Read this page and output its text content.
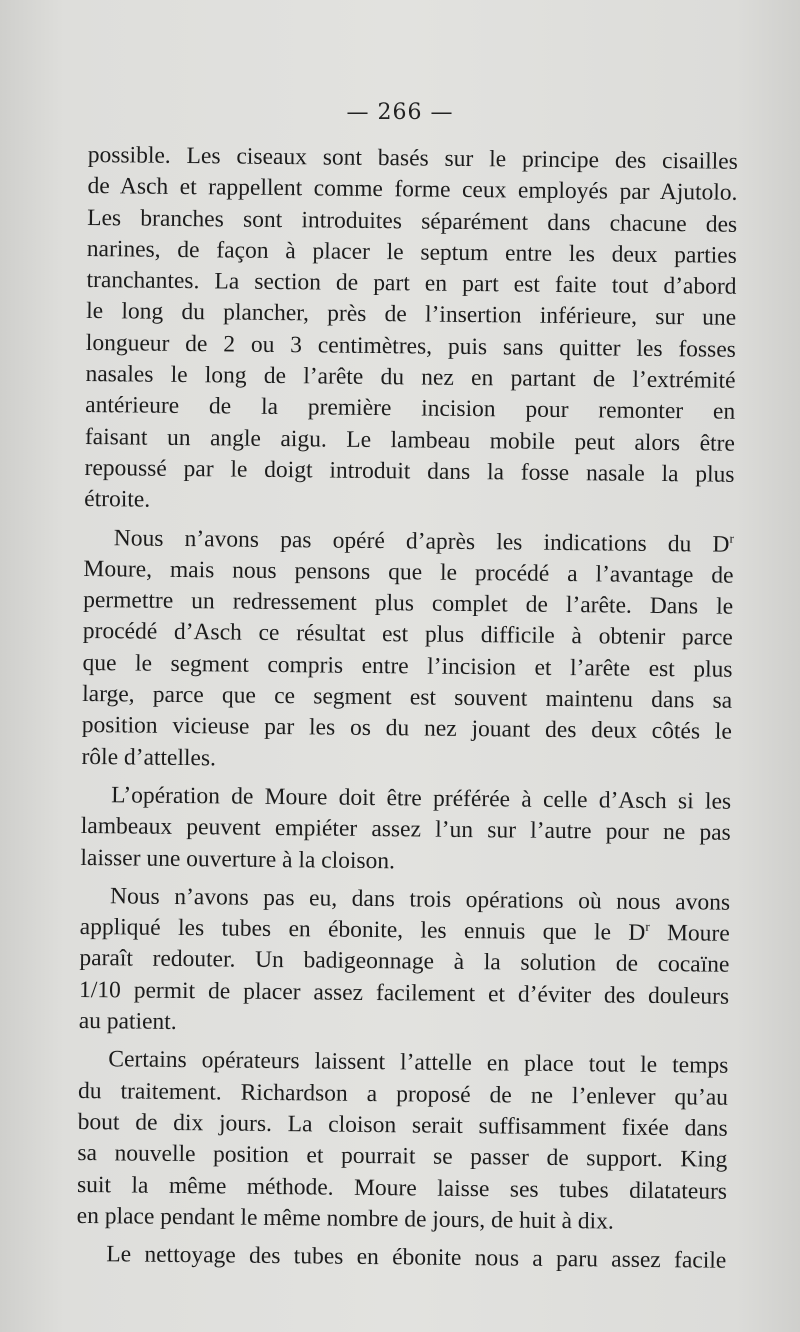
— 266 —
possible. Les ciseaux sont basés sur le principe des cisailles
de Asch et rappellent comme forme ceux employés par Ajutolo.
Les branches sont introduites séparément dans chacune des
narines, de façon à placer le septum entre les deux parties
tranchantes. La section de part en part est faite tout d’abord
le long du plancher, près de l’insertion inférieure, sur une
longueur de 2 ou 3 centimètres, puis sans quitter les fosses
nasales le long de l’arête du nez en partant de l’extrémité
antérieure de la première incision pour remonter en
faisant un angle aigu. Le lambeau mobile peut alors être
repoussé par le doigt introduit dans la fosse nasale la plus
étroite.
Nous n’avons pas opéré d’après les indications du $D^r$
Moure, mais nous pensons que le procédé a l’avantage de
permettre un redressement plus complet de l’arête. Dans le
procédé d’Asch ce résultat est plus difficile à obtenir parce
que le segment compris entre l’incision et l’arête est plus
large, parce que ce segment est souvent maintenu dans sa
position vicieuse par les os du nez jouant des deux côtés le
rôle d’attelles.
L’opération de Moure doit être préférée à celle d’Asch si les
lambeaux peuvent empiéter assez l’un sur l’autre pour ne pas
laisser une ouverture à la cloison.
Nous n’avons pas eu, dans trois opérations où nous avons
appliqué les tubes en ébonite, les ennuis que le $D^r$ Moure
paraît redouter. Un badigeonnage à la solution de cocaïne
1/10 permit de placer assez facilement et d’éviter des douleurs
au patient.
Certains opérateurs laissent l’attelle en place tout le temps
du traitement. Richardson a proposé de ne l’enlever qu’au
bout de dix jours. La cloison serait suffisamment fixée dans
sa nouvelle position et pourrait se passer de support. King
suit la même méthode. Moure laisse ses tubes dilatateurs
en place pendant le même nombre de jours, de huit à dix.
Le nettoyage des tubes en ébonite nous a paru assez facile
